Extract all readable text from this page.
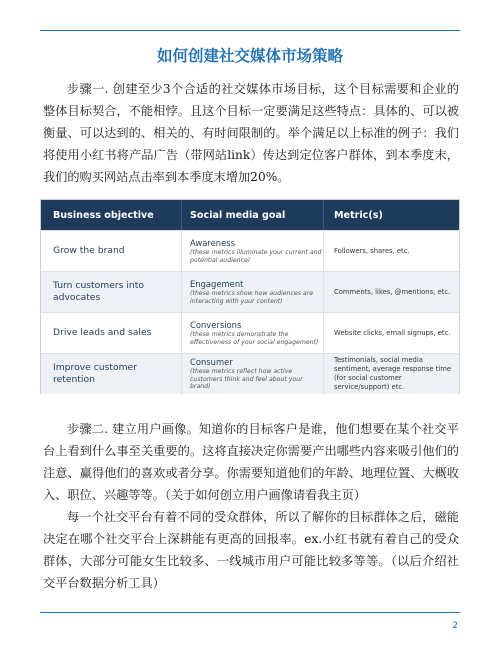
如何创建社交媒体市场策略

步骤一. 创建至少3个合适的社交媒体市场目标，这个目标需要和企业的整体目标契合，不能相悖。且这个目标一定要满足这些特点：具体的、可以被衡量、可以达到的、相关的、有时间限制的。举个满足以上标准的例子：我们将使用小红书将产品广告（带网站link）传达到定位客户群体，到本季度末，我们的购买网站点击率到本季度末增加20%。

Business objective	Social media goal	Metric(s)
Grow the brand
Awareness
(these metrics illuminate your current and potential audience)
Followers, shares, etc.
Turn customers into advocates
Engagement
(these metrics show how audiences are interacting with your content)
Comments, likes, @mentions, etc.
Drive leads and sales
Conversions
(these metrics demonstrate the effectiveness of your social engagement)
Website clicks, email signups, etc.
Improve customer retention
Consumer
(these metrics reflect how active customers think and feel about your brand)
Testimonials, social media sentiment, average response time (for social customer service/support) etc.

步骤二. 建立用户画像。知道你的目标客户是谁，他们想要在某个社交平台上看到什么事至关重要的。这将直接决定你需要产出哪些内容来吸引他们的注意、赢得他们的喜欢或者分享。你需要知道他们的年龄、地理位置、大概收入、职位、兴趣等等。（关于如何创立用户画像请看我主页）

每一个社交平台有着不同的受众群体，所以了解你的目标群体之后，磁能决定在哪个社交平台上深耕能有更高的回报率。ex.小红书就有着自己的受众群体，大部分可能女生比较多、一线城市用户可能比较多等等。（以后介绍社交平台数据分析工具）

2
